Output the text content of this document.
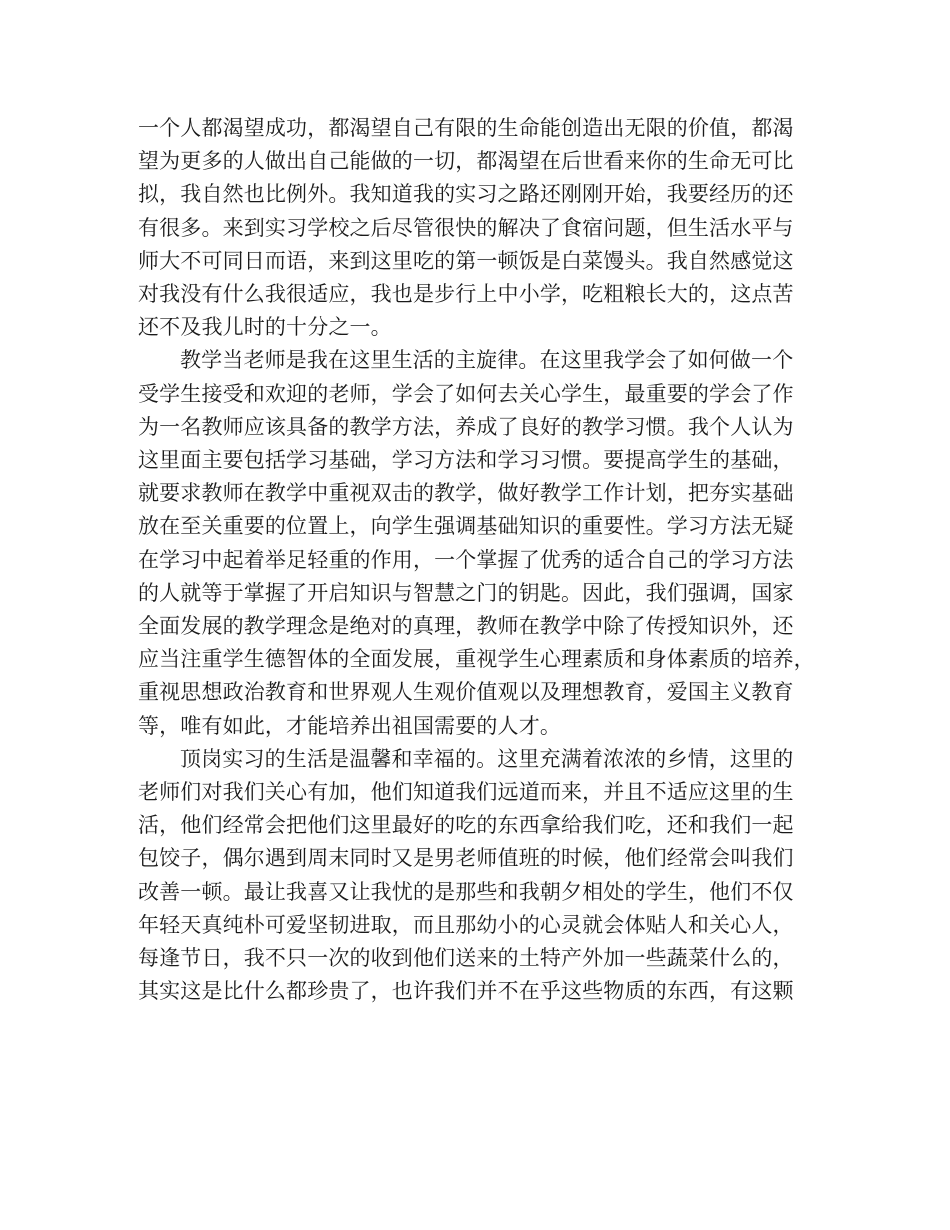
一个人都渴望成功，都渴望自己有限的生命能创造出无限的价值，都渴
望为更多的人做出自己能做的一切，都渴望在后世看来你的生命无可比
拟，我自然也比例外。我知道我的实习之路还刚刚开始，我要经历的还
有很多。来到实习学校之后尽管很快的解决了食宿问题，但生活水平与
师大不可同日而语，来到这里吃的第一顿饭是白菜馒头。我自然感觉这
对我没有什么我很适应，我也是步行上中小学，吃粗粮长大的，这点苦
还不及我儿时的十分之一。
教学当老师是我在这里生活的主旋律。在这里我学会了如何做一个
受学生接受和欢迎的老师，学会了如何去关心学生，最重要的学会了作
为一名教师应该具备的教学方法，养成了良好的教学习惯。我个人认为
这里面主要包括学习基础，学习方法和学习习惯。要提高学生的基础，
就要求教师在教学中重视双击的教学，做好教学工作计划，把夯实基础
放在至关重要的位置上，向学生强调基础知识的重要性。学习方法无疑
在学习中起着举足轻重的作用，一个掌握了优秀的适合自己的学习方法
的人就等于掌握了开启知识与智慧之门的钥匙。因此，我们强调，国家
全面发展的教学理念是绝对的真理，教师在教学中除了传授知识外，还
应当注重学生德智体的全面发展，重视学生心理素质和身体素质的培养，
重视思想政治教育和世界观人生观价值观以及理想教育，爱国主义教育
等，唯有如此，才能培养出祖国需要的人才。
顶岗实习的生活是温馨和幸福的。这里充满着浓浓的乡情，这里的
老师们对我们关心有加，他们知道我们远道而来，并且不适应这里的生
活，他们经常会把他们这里最好的吃的东西拿给我们吃，还和我们一起
包饺子，偶尔遇到周末同时又是男老师值班的时候，他们经常会叫我们
改善一顿。最让我喜又让我忧的是那些和我朝夕相处的学生，他们不仅
年轻天真纯朴可爱坚韧进取，而且那幼小的心灵就会体贴人和关心人，
每逢节日，我不只一次的收到他们送来的土特产外加一些蔬菜什么的，
其实这是比什么都珍贵了，也许我们并不在乎这些物质的东西，有这颗
